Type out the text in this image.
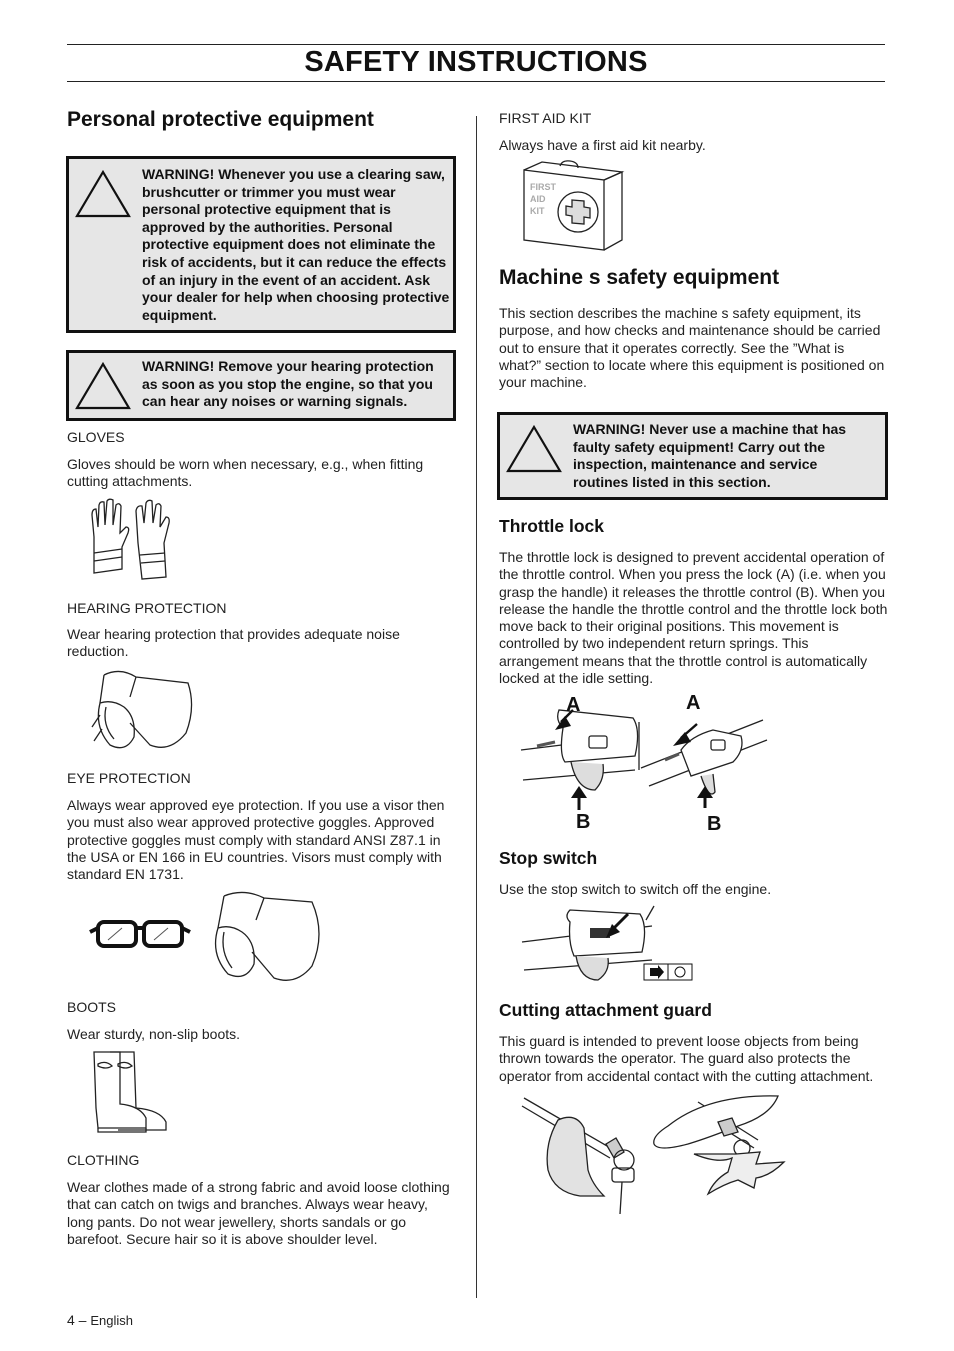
SAFETY INSTRUCTIONS
Personal protective equipment

WARNING! Whenever you use a clearing saw, brushcutter or trimmer you must wear personal protective equipment that is approved by the authorities. Personal protective equipment does not eliminate the risk of accidents, but it can reduce the effects of an injury in the event of an accident. Ask your dealer for help when choosing protective equipment.

WARNING! Remove your hearing protection as soon as you stop the engine, so that you can hear any noises or warning signals.

GLOVES

Gloves should be worn when necessary, e.g., when fitting cutting attachments.

HEARING PROTECTION

Wear hearing protection that provides adequate noise reduction.

EYE PROTECTION

Always wear approved eye protection. If you use a visor then you must also wear approved protective goggles. Approved protective goggles must comply with standard ANSI Z87.1 in the USA or EN 166 in EU countries. Visors must comply with standard EN 1731.

BOOTS

Wear sturdy, non-slip boots.

CLOTHING

Wear clothes made of a strong fabric and avoid loose clothing that can catch on twigs and branches. Always wear heavy, long pants. Do not wear jewellery, shorts sandals or go barefoot. Secure hair so it is above shoulder level.

FIRST AID KIT

Always have a first aid kit nearby.

FIRST
AID
KIT
Machine s safety equipment

This section describes the machine s safety equipment, its purpose, and how checks and maintenance should be carried out to ensure that it operates correctly. See the ”What is what?” section to locate where this equipment is positioned on your machine.

WARNING! Never use a machine that has faulty safety equipment! Carry out the inspection, maintenance and service routines listed in this section.

Throttle lock

The throttle lock is designed to prevent accidental operation of the throttle control. When you press the lock (A) (i.e. when you grasp the handle) it releases the throttle control (B). When you release the handle the throttle control and the throttle lock both move back to their original positions. This movement is controlled by two independent return springs. This arrangement means that the throttle control is automatically locked at the idle setting.

A	A
B	B
Stop switch

Use the stop switch to switch off the engine.

Cutting attachment guard

This guard is intended to prevent loose objects from being thrown towards the operator. The guard also protects the operator from accidental contact with the cutting attachment.

4 – English
